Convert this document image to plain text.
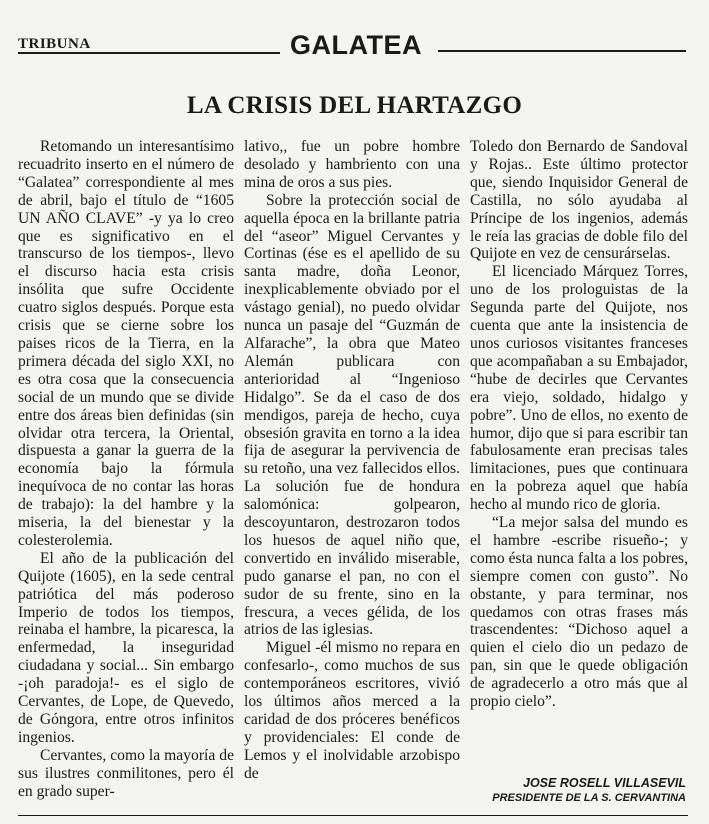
TRIBUNA	GALATEA
LA CRISIS DEL HARTAZGO

Retomando un interesantísimo recuadrito inserto en el número de “Galatea” correspondiente al mes de abril, bajo el título de “1605 UN AÑO CLAVE” -y ya lo creo que es significativo en el transcurso de los tiempos-, llevo el discurso hacia esta crisis insólita que sufre Occidente cuatro siglos después. Porque esta crisis que se cierne sobre los paises ricos de la Tierra, en la primera década del siglo XXI, no es otra cosa que la consecuencia social de un mundo que se divide entre dos áreas bien definidas (sin olvidar otra tercera, la Oriental, dispuesta a ganar la guerra de la economía bajo la fórmula inequívoca de no contar las horas de trabajo): la del hambre y la miseria, la del bienestar y la colesterolemia.

El año de la publicación del Quijote (1605), en la sede central patriótica del más poderoso Imperio de todos los tiempos, reinaba el hambre, la picaresca, la enfermedad, la inseguridad ciudadana y social... Sin embargo -¡oh paradoja!- es el siglo de Cervantes, de Lope, de Quevedo, de Góngora, entre otros infinitos ingenios.

Cervantes, como la mayoría de sus ilustres conmilitones, pero él en grado super-

lativo,, fue un pobre hombre desolado y hambriento con una mina de oros a sus pies.

Sobre la protección social de aquella época en la brillante patria del “aseor” Miguel Cervantes y Cortinas (ése es el apellido de su santa madre, doña Leonor, inexplicablemente obviado por el vástago genial), no puedo olvidar nunca un pasaje del “Guzmán de Alfarache”, la obra que Mateo Alemán publicara con anterioridad al “Ingenioso Hidalgo”. Se da el caso de dos mendigos, pareja de hecho, cuya obsesión gravita en torno a la idea fija de asegurar la pervivencia de su retoño, una vez fallecidos ellos. La solución fue de hondura salomónica: golpearon, descoyuntaron, destrozaron todos los huesos de aquel niño que, convertido en inválido miserable, pudo ganarse el pan, no con el sudor de su frente, sino en la frescura, a veces gélida, de los atrios de las iglesias.

Miguel -él mismo no repara en confesarlo-, como muchos de sus contemporáneos escritores, vivió los últimos años merced a la caridad de dos próceres benéficos y providenciales: El conde de Lemos y el inolvidable arzobispo de

Toledo don Bernardo de Sandoval y Rojas.. Este último protector que, siendo Inquisidor General de Castilla, no sólo ayudaba al Príncipe de los ingenios, además le reía las gracias de doble filo del Quijote en vez de censurárselas.

El licenciado Márquez Torres, uno de los prologuistas de la Segunda parte del Quijote, nos cuenta que ante la insistencia de unos curiosos visitantes franceses que acompañaban a su Embajador, “hube de decirles que Cervantes era viejo, soldado, hidalgo y pobre”. Uno de ellos, no exento de humor, dijo que si para escribir tan fabulosamente eran precisas tales limitaciones, pues que continuara en la pobreza aquel que había hecho al mundo rico de gloria.

“La mejor salsa del mundo es el hambre -escribe risueño-; y como ésta nunca falta a los pobres, siempre comen con gusto”. No obstante, y para terminar, nos quedamos con otras frases más trascendentes: “Dichoso aquel a quien el cielo dio un pedazo de pan, sin que le quede obligación de agradecerlo a otro más que al propio cielo”.

JOSE ROSELL VILLASEVIL
PRESIDENTE DE LA S. CERVANTINA
